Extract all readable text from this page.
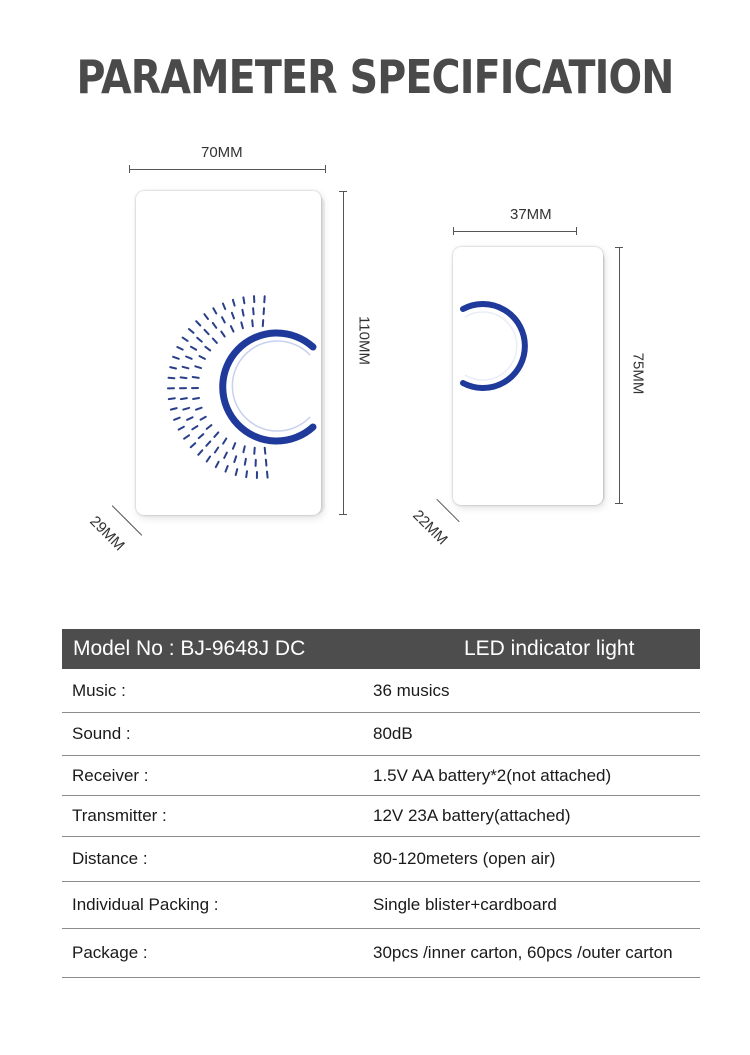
PARAMETER SPECIFICATION
70MM
110MM
29MM
37MM
75MM
22MM
Model No : BJ-9648J DC	LED indicator light
Music :	36 musics
Sound :	80dB
Receiver :	1.5V AA battery*2(not attached)
Transmitter :	12V 23A battery(attached)
Distance :	80-120meters (open air)
Individual Packing :	Single blister+cardboard
Package :	30pcs /inner carton, 60pcs /outer carton
